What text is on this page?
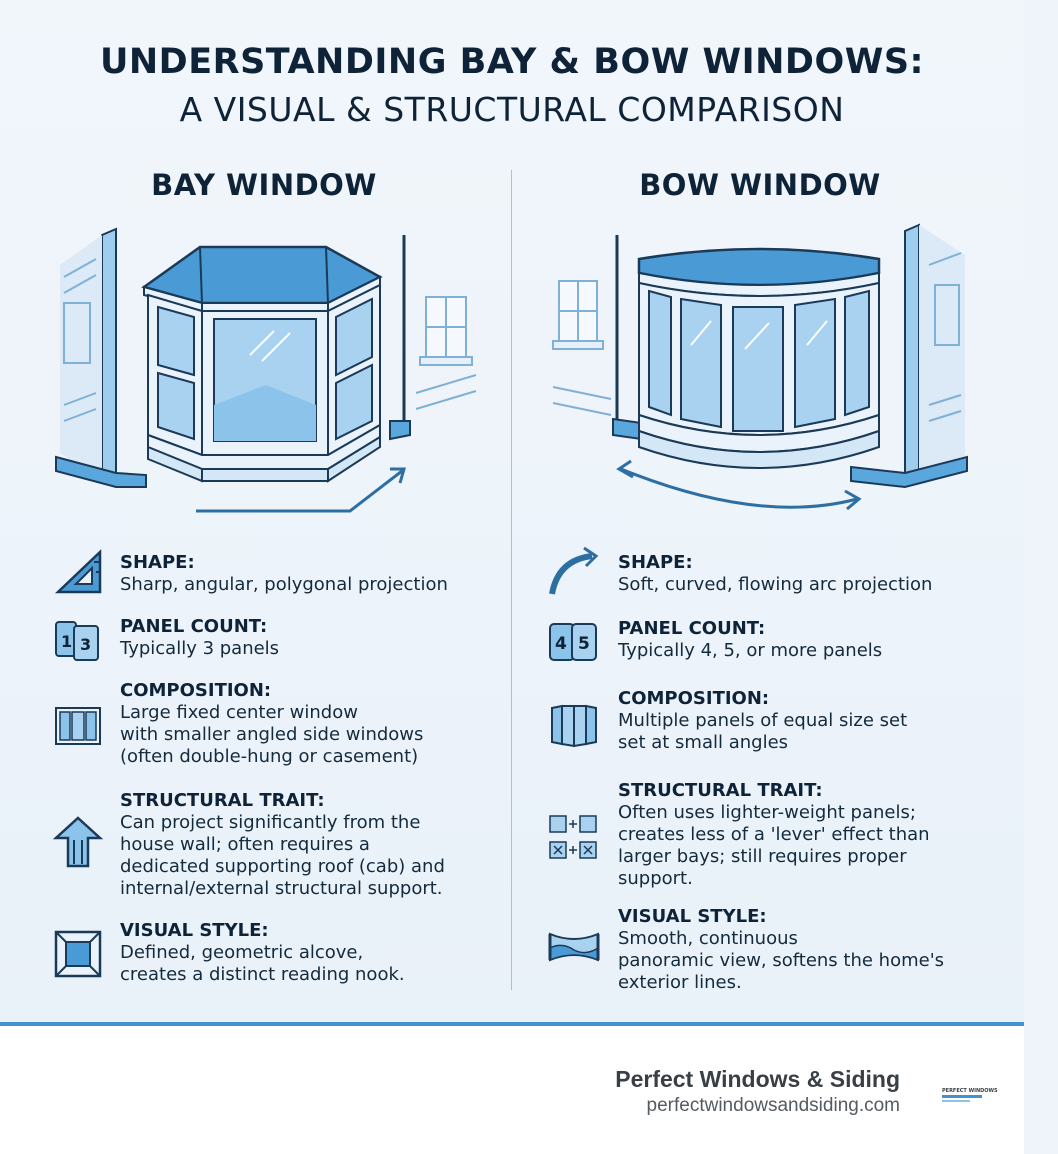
UNDERSTANDING BAY & BOW WINDOWS:
A VISUAL & STRUCTURAL COMPARISON
BAY WINDOW	BOW WINDOW
SHAPE:
Sharp, angular, polygonal projection
1 3
PANEL COUNT:
Typically 3 panels
COMPOSITION:
Large fixed center window
with smaller angled side windows
(often double-hung or casement)
STRUCTURAL TRAIT:
Can project significantly from the
house wall; often requires a
dedicated supporting roof (cab) and
internal/external structural support.
VISUAL STYLE:
Defined, geometric alcove,
creates a distinct reading nook.
SHAPE:
Soft, curved, flowing arc projection
4 5
PANEL COUNT:
Typically 4, 5, or more panels
COMPOSITION:
Multiple panels of equal size set
set at small angles
STRUCTURAL TRAIT:
Often uses lighter-weight panels;
creates less of a 'lever' effect than
larger bays; still requires proper
support.
VISUAL STYLE:
Smooth, continuous
panoramic view, softens the home's
exterior lines.
Perfect Windows & Siding
perfectwindowsandsiding.com
PERFECT WINDOWS
